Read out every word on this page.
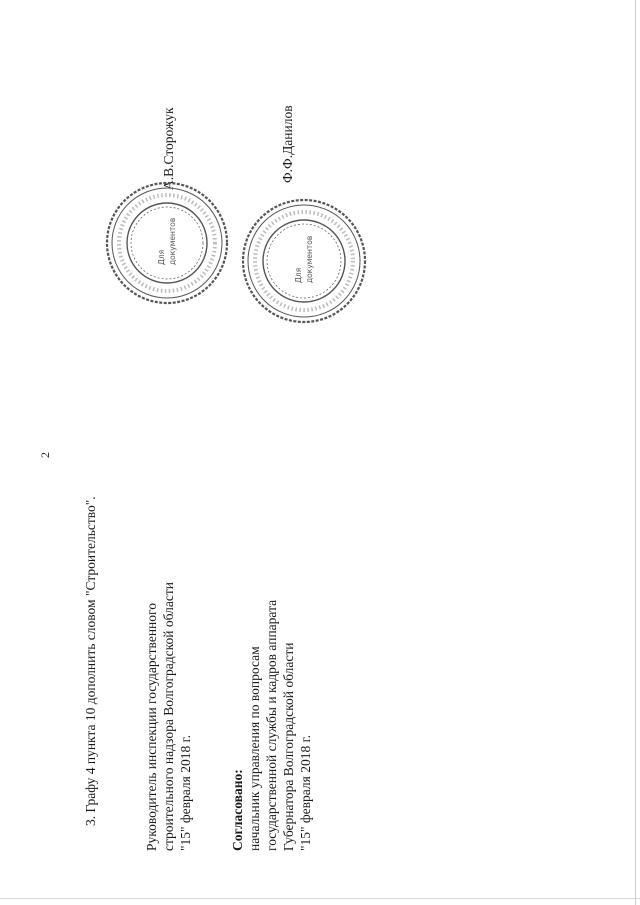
2
3. Графу 4 пункта 10 дополнить словом "Строительство".	Руководитель инспекции государственного строительного надзора Волгоградской области "15" февраля 2018 г.
А.В.Сторожук
Согласовано: начальник управления по вопросам государственной службы и кадров аппарата Губернатора Волгоградской области "15" февраля 2018 г.
Ф.Ф.Данилов
Для документов
Для документов
